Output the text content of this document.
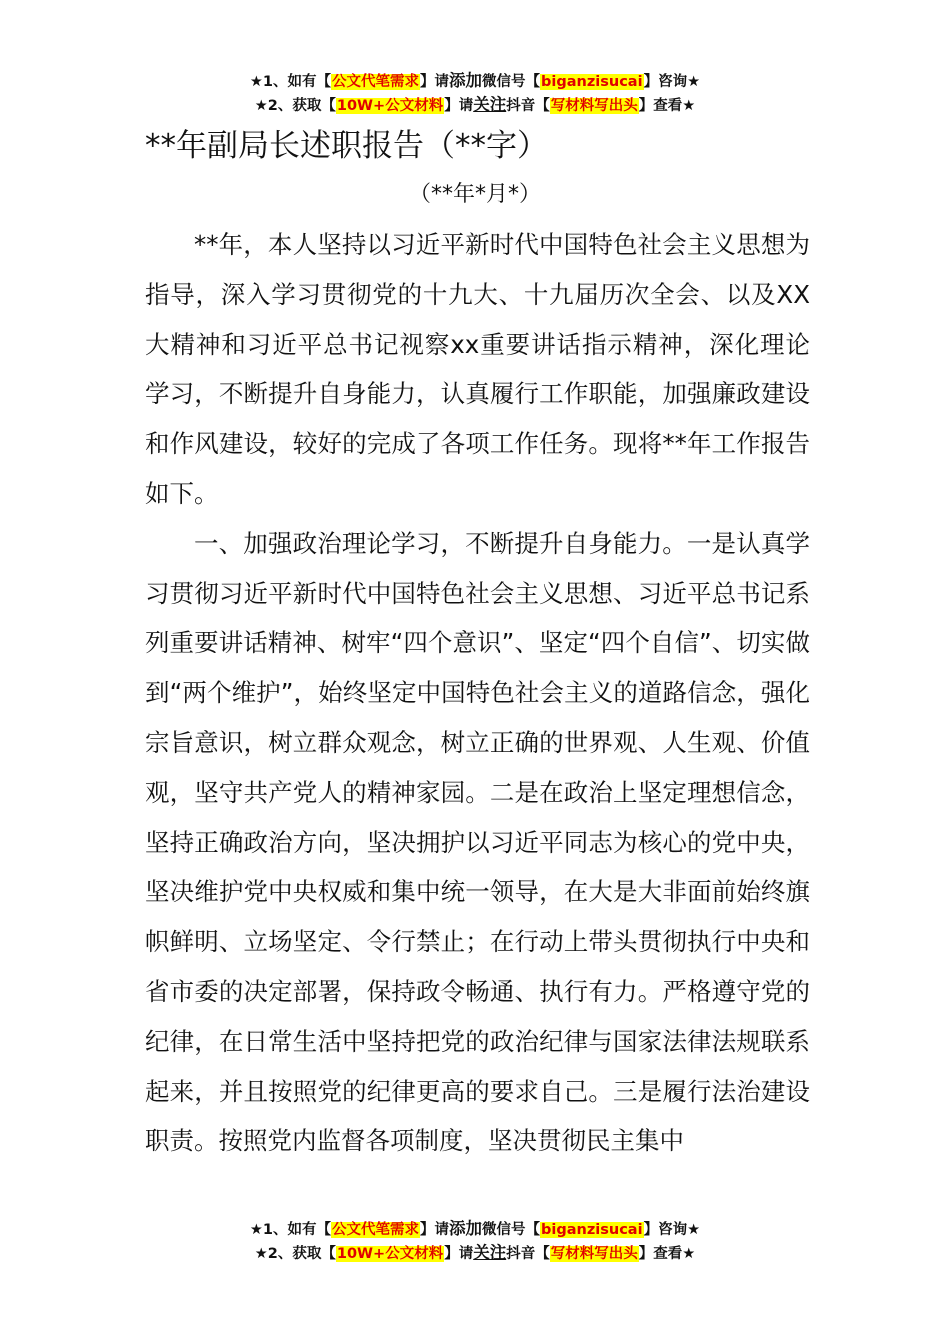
★1、如有【公文代笔需求】请添加微信号【biganzisucai】咨询★
★2、获取【10W+公文材料】请关注抖音【写材料写出头】查看★
**年副局长述职报告（**字）
（**年*月*）

**年，本人坚持以习近平新时代中国特色社会主义思想为指导，深入学习贯彻党的十九大、十九届历次全会、以及XX大精神和习近平总书记视察xx重要讲话指示精神，深化理论学习，不断提升自身能力，认真履行工作职能，加强廉政建设和作风建设，较好的完成了各项工作任务。现将**年工作报告如下。

一、加强政治理论学习，不断提升自身能力。一是认真学习贯彻习近平新时代中国特色社会主义思想、习近平总书记系列重要讲话精神、树牢“四个意识”、坚定“四个自信”、切实做到“两个维护”，始终坚定中国特色社会主义的道路信念，强化宗旨意识，树立群众观念，树立正确的世界观、人生观、价值观，坚守共产党人的精神家园。二是在政治上坚定理想信念，坚持正确政治方向，坚决拥护以习近平同志为核心的党中央，坚决维护党中央权威和集中统一领导，在大是大非面前始终旗帜鲜明、立场坚定、令行禁止；在行动上带头贯彻执行中央和省市委的决定部署，保持政令畅通、执行有力。严格遵守党的纪律，在日常生活中坚持把党的政治纪律与国家法律法规联系起来，并且按照党的纪律更高的要求自己。三是履行法治建设职责。按照党内监督各项制度，坚决贯彻民主集中

★1、如有【公文代笔需求】请添加微信号【biganzisucai】咨询★
★2、获取【10W+公文材料】请关注抖音【写材料写出头】查看★
